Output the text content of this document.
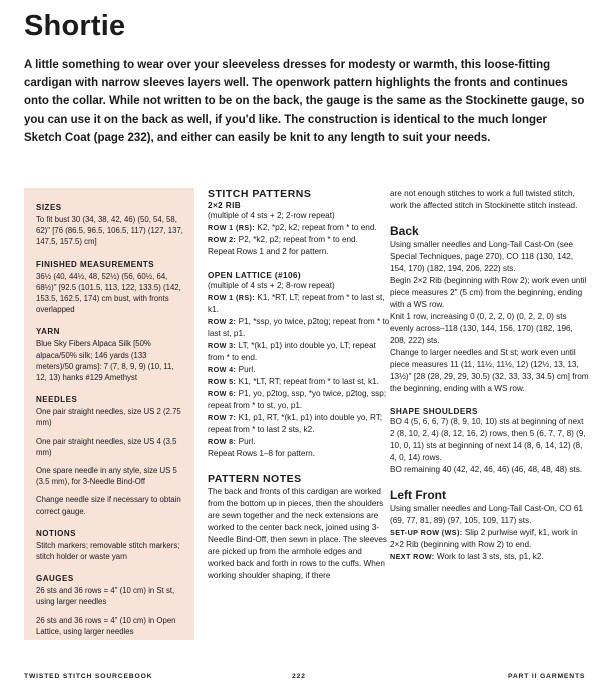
Shortie

A little something to wear over your sleeveless dresses for modesty or warmth, this loose-fitting cardigan with narrow sleeves layers well. The openwork pattern highlights the fronts and continues onto the collar. While not written to be on the back, the gauge is the same as the Stockinette gauge, so you can use it on the back as well, if you'd like. The construction is identical to the much longer Sketch Coat (page 232), and either can easily be knit to any length to suit your needs.

SIZES

To fit bust 30 (34, 38, 42, 46) (50, 54, 58, 62)" [76 (86.5, 96.5, 106.5, 117) (127, 137, 147.5, 157.5) cm]

FINISHED MEASUREMENTS

36½ (40, 44½, 48, 52½) (56, 60½, 64, 68½)" [92.5 (101.5, 113, 122, 133.5) (142, 153.5, 162.5, 174) cm bust, with fronts overlapped

YARN

Blue Sky Fibers Alpaca Silk [50% alpaca/50% silk; 146 yards (133 meters)/50 grams]: 7 (7, 8, 9, 9) (10, 11, 12, 13) hanks #129 Amethyst

NEEDLES

One pair straight needles, size US 2 (2.75 mm)

One pair straight needles, size US 4 (3.5 mm)

One spare needle in any style, size US 5 (3.5 mm), for 3-Needle Bind-Off

Change needle size if necessary to obtain correct gauge.

NOTIONS

Stitch markers; removable stitch markers; stitch holder or waste yarn

GAUGES

26 sts and 36 rows = 4" (10 cm) in St st, using larger needles

26 sts and 36 rows = 4" (10 cm) in Open Lattice, using larger needles

STITCH PATTERNS
2×2 RIB

(multiple of 4 sts + 2; 2-row repeat)

ROW 1 (RS): K2, *p2, k2; repeat from * to end.

ROW 2: P2, *k2, p2; repeat from * to end.

Repeat Rows 1 and 2 for pattern.

OPEN LATTICE (#106)

(multiple of 4 sts + 2; 8-row repeat)

ROW 1 (RS): K1, *RT, LT; repeat from * to last st, k1.

ROW 2: P1, *ssp, yo twice, p2tog; repeat from * to last st, p1.

ROW 3: LT, *(k1, p1) into double yo, LT; repeat from * to end.

ROW 4: Purl.

ROW 5: K1, *LT, RT; repeat from * to last st, k1.

ROW 6: P1, yo, p2tog, ssp, *yo twice, p2tog, ssp; repeat from * to st, yo, p1.

ROW 7: K1, p1, RT, *(k1, p1) into double yo, RT; repeat from * to last 2 sts, k2.

ROW 8: Purl.

Repeat Rows 1–8 for pattern.

PATTERN NOTES

The back and fronts of this cardigan are worked from the bottom up in pieces, then the shoulders are sewn together and the neck extensions are worked to the center back neck, joined using 3-Needle Bind-Off, then sewn in place. The sleeves are picked up from the armhole edges and worked back and forth in rows to the cuffs. When working shoulder shaping, if there

are not enough stitches to work a full twisted stitch, work the affected stitch in Stockinette stitch instead.

Back

Using smaller needles and Long-Tail Cast-On (see Special Techniques, page 270), CO 118 (130, 142, 154, 170) (182, 194, 206, 222) sts.

Begin 2×2 Rib (beginning with Row 2); work even until piece measures 2" (5 cm) from the beginning, ending with a WS row.

Knit 1 row, increasing 0 (0, 2, 2, 0) (0, 2, 2, 0) sts evenly across–118 (130, 144, 156, 170) (182, 196, 208, 222) sts.

Change to larger needles and St st; work even until piece measures 11 (11, 11½, 11½, 12) (12½, 13, 13, 13½)" [28 (28, 29, 29, 30.5) (32, 33, 33, 34.5) cm] from the beginning, ending with a WS row.

SHAPE SHOULDERS

BO 4 (5, 6, 6, 7) (8, 9, 10, 10) sts at beginning of next 2 (8, 10, 2, 4) (8, 12, 16, 2) rows, then 5 (6, 7, 7, 8) (9, 10, 0, 11) sts at beginning of next 14 (8, 6, 14, 12) (8, 4, 0, 14) rows.

BO remaining 40 (42, 42, 46, 46) (46, 48, 48, 48) sts.

Left Front

Using smaller needles and Long-Tail Cast-On, CO 61 (69, 77, 81, 89) (97, 105, 109, 117) sts.

SET-UP ROW (WS): Slip 2 purlwise wyif, k1, work in 2×2 Rib (beginning with Row 2) to end.

NEXT ROW: Work to last 3 sts, sts, p1, k2.

TWISTED STITCH SOURCEBOOK	222	PART II GARMENTS
